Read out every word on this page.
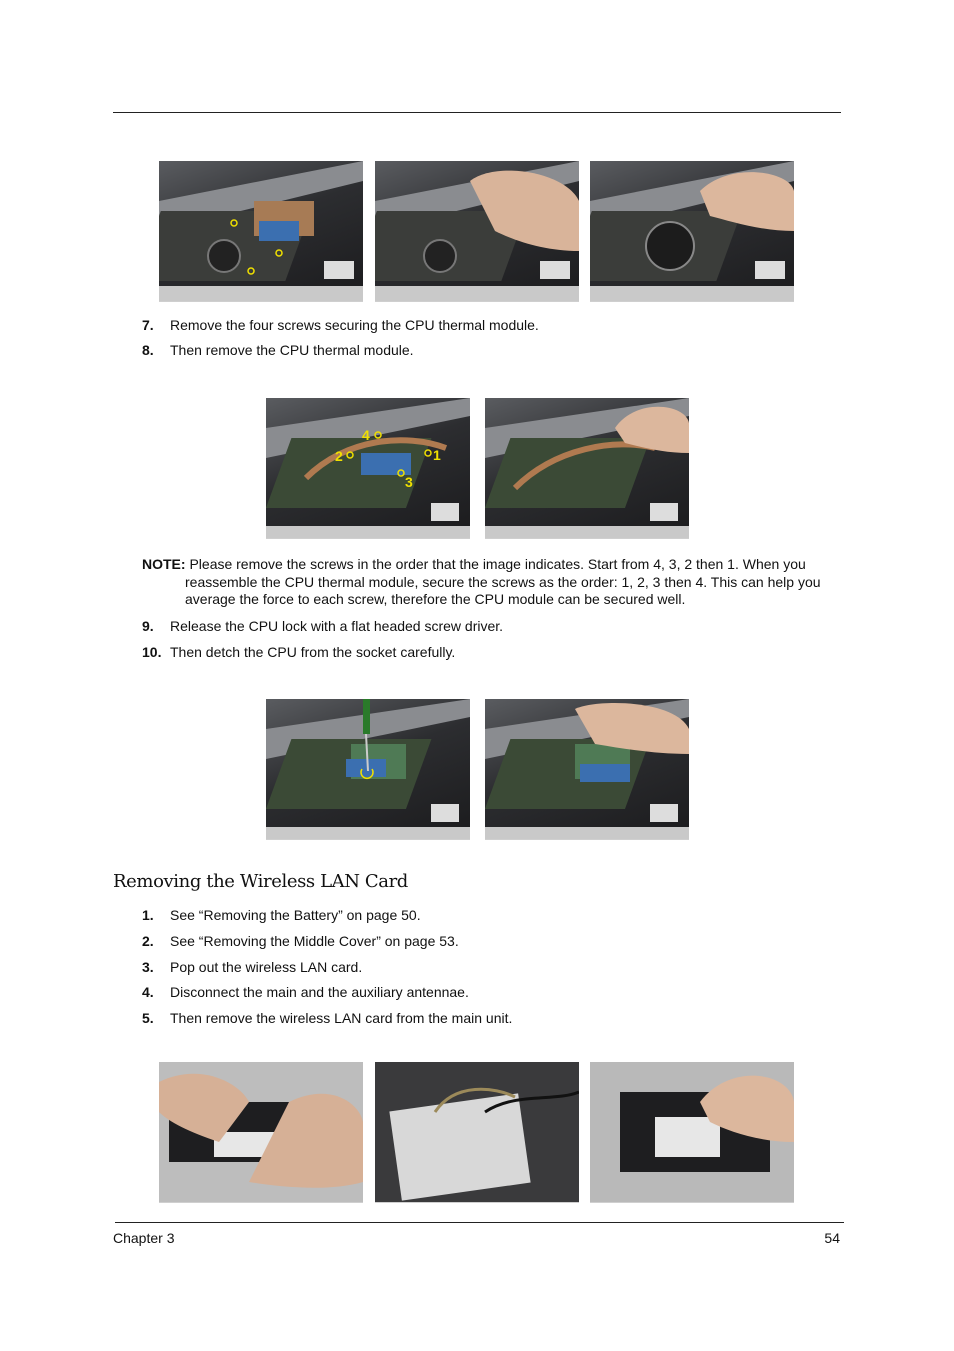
7. Remove the four screws securing the CPU thermal module.
8. Then remove the CPU thermal module.
4
2	1
3
NOTE: Please remove the screws in the order that the image indicates. Start from 4, 3, 2 then 1. When you
reassemble the CPU thermal module, secure the screws as the order: 1, 2, 3 then 4. This can help you
average the force to each screw, therefore the CPU module can be secured well.
9. Release the CPU lock with a flat headed screw driver.
10. Then detch the CPU from the socket carefully.
Removing the Wireless LAN Card
1. See “Removing the Battery” on page 50.
2. See “Removing the Middle Cover” on page 53.
3. Pop out the wireless LAN card.
4. Disconnect the main and the auxiliary antennae.
5. Then remove the wireless LAN card from the main unit.
Chapter 3	54
